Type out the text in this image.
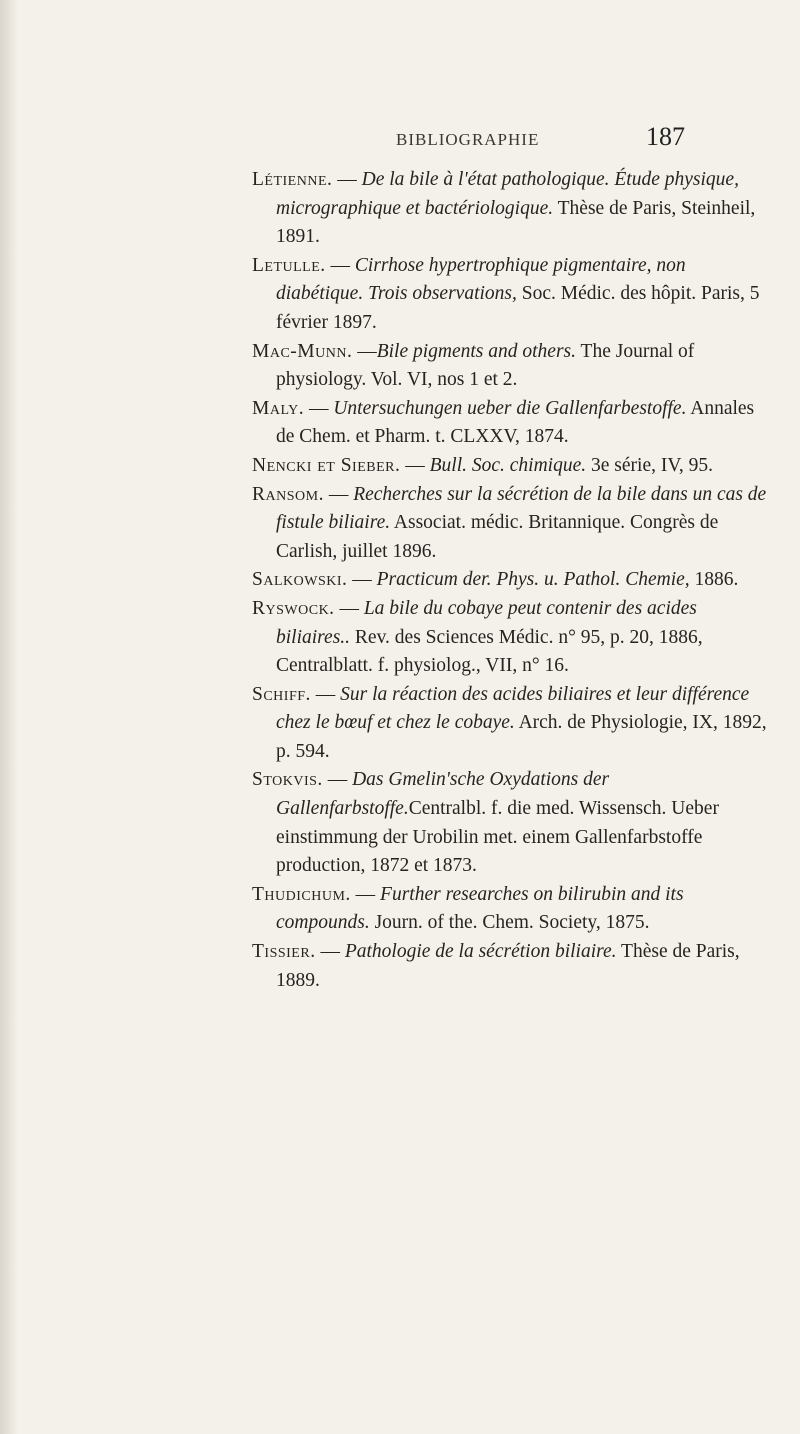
BIBLIOGRAPHIE	187

Létienne. — De la bile à l'état pathologique. Étude physique, micrographique et bactériologique. Thèse de Paris, Steinheil, 1891.

Letulle. — Cirrhose hypertrophique pigmentaire, non diabétique. Trois observations, Soc. Médic. des hôpit. Paris, 5 février 1897.

Mac-Munn. —Bile pigments and others. The Journal of physiology. Vol. VI, nos 1 et 2.

Maly. — Untersuchungen ueber die Gallenfarbestoffe. Annales de Chem. et Pharm. t. CLXXV, 1874.

Nencki et Sieber. — Bull. Soc. chimique. 3e série, IV, 95.

Ransom. — Recherches sur la sécrétion de la bile dans un cas de fistule biliaire. Associat. médic. Britannique. Congrès de Carlish, juillet 1896.

Salkowski. — Practicum der. Phys. u. Pathol. Chemie, 1886.

Ryswock. — La bile du cobaye peut contenir des acides biliaires.. Rev. des Sciences Médic. n° 95, p. 20, 1886, Centralblatt. f. physiolog., VII, n° 16.

Schiff. — Sur la réaction des acides biliaires et leur différence chez le bœuf et chez le cobaye. Arch. de Physiologie, IX, 1892, p. 594.

Stokvis. — Das Gmelin'sche Oxydations der Gallenfarbstoffe.Centralbl. f. die med. Wissensch. Ueber einstimmung der Urobilin met. einem Gallenfarbstoffe production, 1872 et 1873.

Thudichum. — Further researches on bilirubin and its compounds. Journ. of the. Chem. Society, 1875.

Tissier. — Pathologie de la sécrétion biliaire. Thèse de Paris, 1889.
